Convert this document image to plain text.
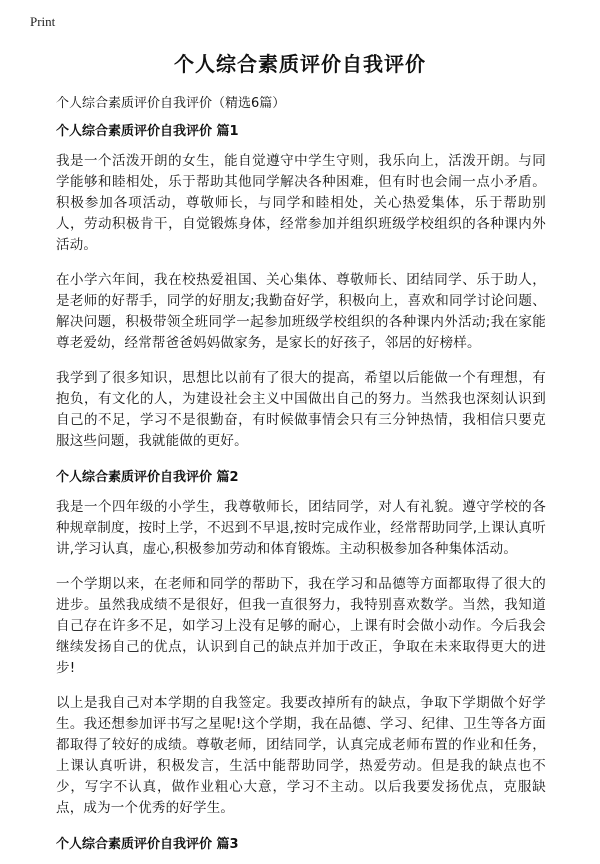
Print
个人综合素质评价自我评价

个人综合素质评价自我评价（精选6篇）

个人综合素质评价自我评价 篇1

我是一个活泼开朗的女生，能自觉遵守中学生守则，我乐向上，活泼开朗。与同学能够和睦相处，乐于帮助其他同学解决各种困难，但有时也会闹一点小矛盾。积极参加各项活动，尊敬师长，与同学和睦相处，关心热爱集体，乐于帮助别人，劳动积极肯干，自觉锻炼身体，经常参加并组织班级学校组织的各种课内外活动。

在小学六年间，我在校热爱祖国、关心集体、尊敬师长、团结同学、乐于助人，是老师的好帮手，同学的好朋友;我勤奋好学，积极向上，喜欢和同学讨论问题、解决问题，积极带领全班同学一起参加班级学校组织的各种课内外活动;我在家能尊老爱幼，经常帮爸爸妈妈做家务，是家长的好孩子，邻居的好榜样。

我学到了很多知识，思想比以前有了很大的提高，希望以后能做一个有理想，有抱负，有文化的人，为建设社会主义中国做出自己的努力。当然我也深刻认识到自己的不足，学习不是很勤奋，有时候做事情会只有三分钟热情，我相信只要克服这些问题，我就能做的更好。

个人综合素质评价自我评价 篇2

我是一个四年级的小学生，我尊敬师长，团结同学，对人有礼貌。遵守学校的各种规章制度，按时上学，不迟到不早退,按时完成作业，经常帮助同学,上课认真听讲,学习认真，虚心,积极参加劳动和体育锻炼。主动积极参加各种集体活动。

一个学期以来，在老师和同学的帮助下，我在学习和品德等方面都取得了很大的进步。虽然我成绩不是很好，但我一直很努力，我特别喜欢数学。当然，我知道自己存在许多不足，如学习上没有足够的耐心，上课有时会做小动作。今后我会继续发扬自己的优点，认识到自己的缺点并加于改正，争取在未来取得更大的进步!

以上是我自己对本学期的自我签定。我要改掉所有的缺点，争取下学期做个好学生。我还想参加评书写之星呢!这个学期，我在品德、学习、纪律、卫生等各方面都取得了较好的成绩。尊敬老师，团结同学，认真完成老师布置的作业和任务，上课认真听讲，积极发言，生活中能帮助同学，热爱劳动。但是我的缺点也不少，写字不认真，做作业粗心大意，学习不主动。以后我要发扬优点，克服缺点，成为一个优秀的好学生。

个人综合素质评价自我评价 篇3
